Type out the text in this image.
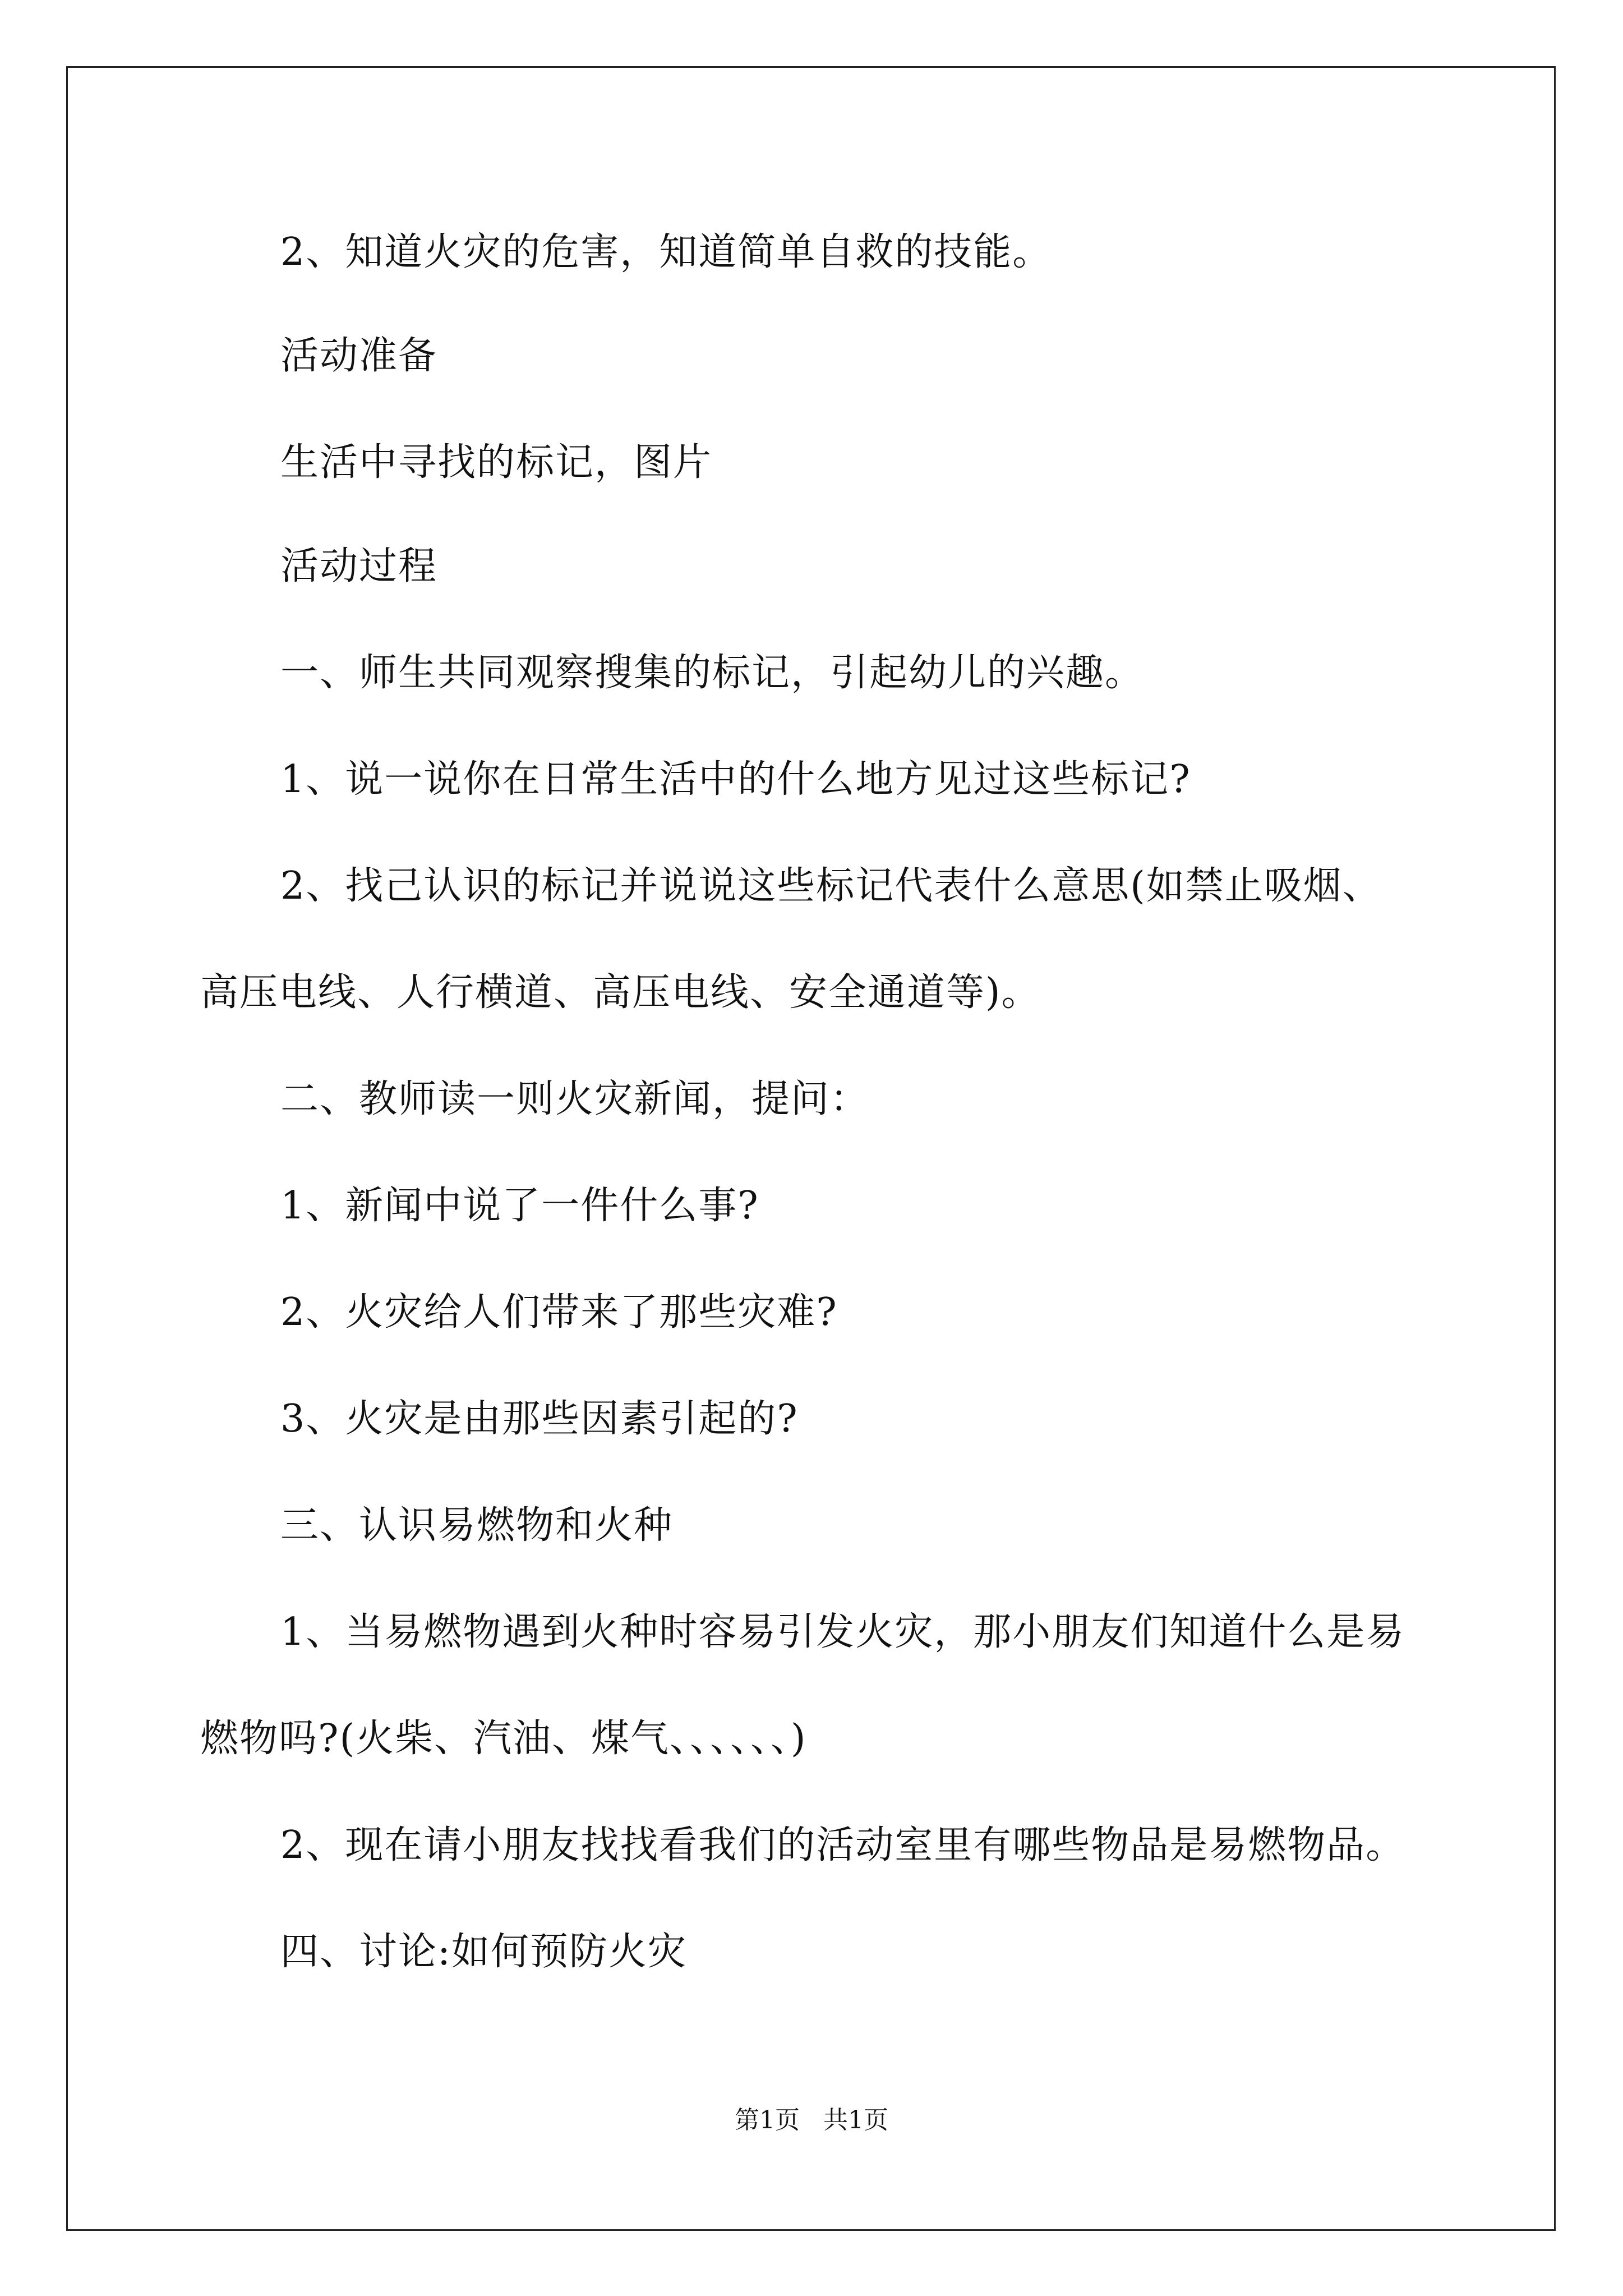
2、知道火灾的危害，知道简单自救的技能。
活动准备
生活中寻找的标记，图片
活动过程
一、师生共同观察搜集的标记，引起幼儿的兴趣。
1、说一说你在日常生活中的什么地方见过这些标记?
2、找己认识的标记并说说这些标记代表什么意思(如禁止吸烟、
高压电线、人行横道、高压电线、安全通道等)。
二、教师读一则火灾新闻，提问：
1、新闻中说了一件什么事?
2、火灾给人们带来了那些灾难?
3、火灾是由那些因素引起的?
三、认识易燃物和火种
1、当易燃物遇到火种时容易引发火灾，那小朋友们知道什么是易
燃物吗?(火柴、汽油、煤气、、、、、、)
2、现在请小朋友找找看我们的活动室里有哪些物品是易燃物品。
四、讨论:如何预防火灾
第1页   共1页
